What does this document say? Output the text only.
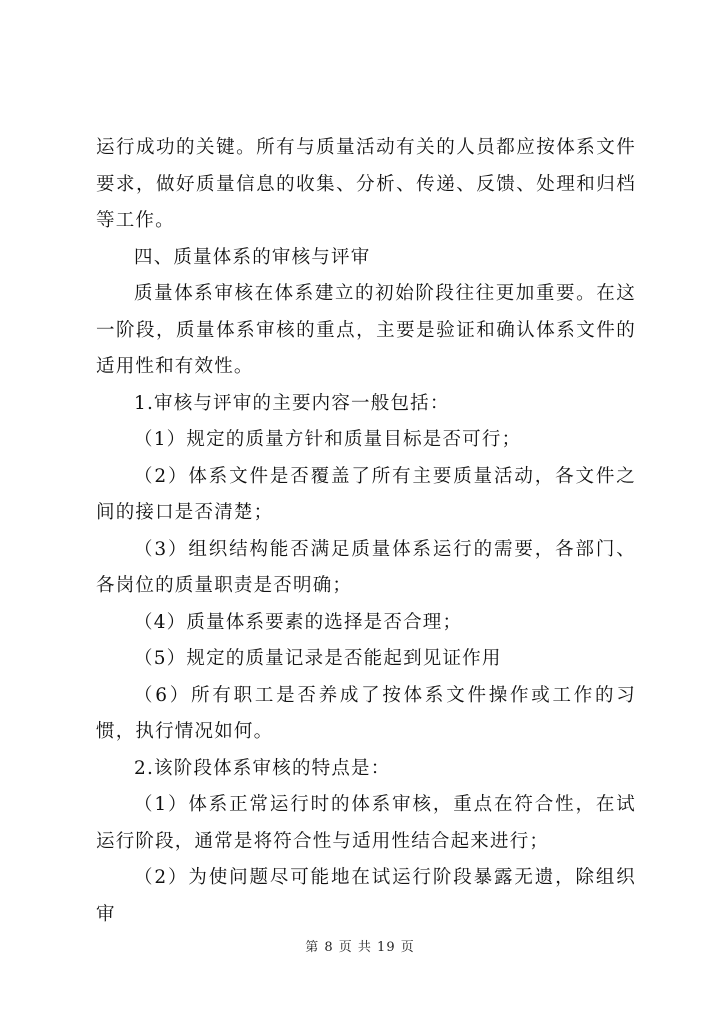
运行成功的关键。所有与质量活动有关的人员都应按体系文件要求，做好质量信息的收集、分析、传递、反馈、处理和归档等工作。

四、质量体系的审核与评审

质量体系审核在体系建立的初始阶段往往更加重要。在这一阶段，质量体系审核的重点，主要是验证和确认体系文件的适用性和有效性。

1.审核与评审的主要内容一般包括：

（1）规定的质量方针和质量目标是否可行；

（2）体系文件是否覆盖了所有主要质量活动，各文件之间的接口是否清楚；

（3）组织结构能否满足质量体系运行的需要，各部门、各岗位的质量职责是否明确；

（4）质量体系要素的选择是否合理；

（5）规定的质量记录是否能起到见证作用

（6）所有职工是否养成了按体系文件操作或工作的习惯，执行情况如何。

2.该阶段体系审核的特点是：

（1）体系正常运行时的体系审核，重点在符合性，在试运行阶段，通常是将符合性与适用性结合起来进行；

（2）为使问题尽可能地在试运行阶段暴露无遗，除组织审

第 8 页 共 19 页
